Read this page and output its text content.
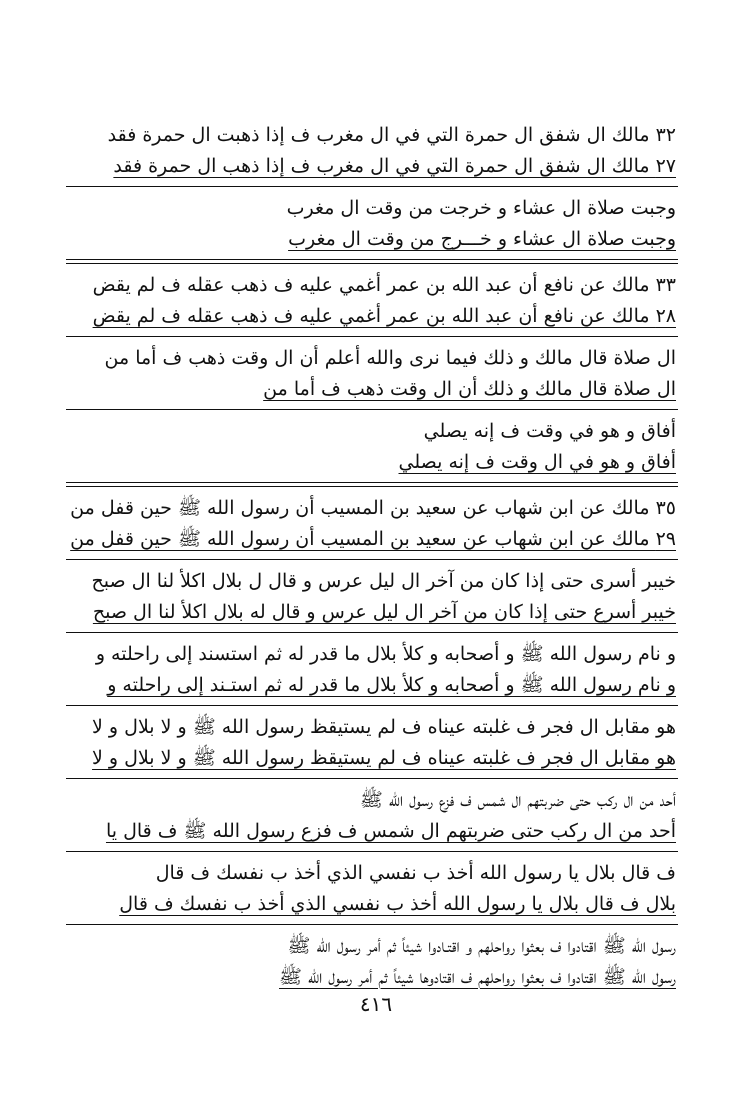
٣٢ مالك ال شفق ال حمرة التي في ال مغرب ف إذا ذهبت ال حمرة فقد
٢٧ مالك ال شفق ال حمرة التي في ال مغرب ف إذا ذهب ال حمرة فقد
وجبت صلاة ال عشاء و خرجت من وقت ال مغرب
وجبت صلاة ال عشاء و خـــرج من وقت ال مغرب
٣٣ مالك عن نافع أن عبد الله بن عمر أغمي عليه ف ذهب عقله ف لم يقض
٢٨ مالك عن نافع أن عبد الله بن عمر أغمي عليه ف ذهب عقله ف لم يقض
ال صلاة قال مالك و ذلك فيما نرى والله أعلم أن ال وقت ذهب ف أما من
ال صلاة قال مالك و ذلك أن ال وقت ذهب ف أما من
أفاق و هو في وقت ف إنه يصلي
أفاق و هو في ال وقت ف إنه يصلي
٣٥ مالك عن ابن شهاب عن سعيد بن المسيب أن رسول الله ﷺ حين قفل من
٢٩ مالك عن ابن شهاب عن سعيد بن المسيب أن رسول الله ﷺ حين قفل من
خيبر أسرى حتى إذا كان من آخر ال ليل عرس و قال ل بلال اكلأ لنا ال صبح
خيبر أسرع حتى إذا كان من آخر ال ليل عرس و قال له بلال اكلأ لنا ال صبح
و نام رسول الله ﷺ و أصحابه و كلأ بلال ما قدر له ثم استسند إلى راحلته و
و نام رسول الله ﷺ و أصحابه و كلأ بلال ما قدر له ثم استـند إلى راحلته و
هو مقابل ال فجر ف غلبته عيناه ف لم يستيقظ رسول الله ﷺ و لا بلال و لا
هو مقابل ال فجر ف غلبته عيناه ف لم يستيقظ رسول الله ﷺ و لا بلال و لا
أحد من ال ركب حتى ضربتهم ال شمس ف فزع رسول الله ﷺ
أحد من ال ركب حتى ضربتهم ال شمس ف فزع رسول الله ﷺ ف قال يا
ف قال بلال يا رسول الله أخذ ب نفسي الذي أخذ ب نفسك ف قال
بلال ف قال بلال يا رسول الله أخذ ب نفسي الذي أخذ ب نفسك ف قال
رسول الله ﷺ اقتادوا ف بعثوا رواحلهم و اقتـادوا شيئاً ثم أمر رسول الله ﷺ
رسول الله ﷺ اقتادوا ف بعثوا رواحلهم ف اقتادوها شيئاً ثم أمر رسول الله ﷺ
٤١٦
